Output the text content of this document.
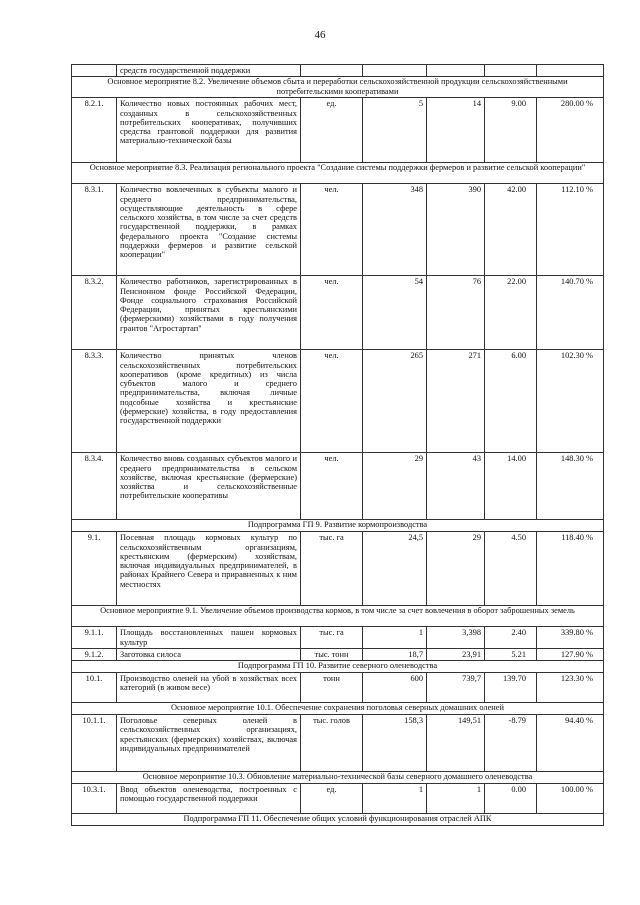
46
	средств государственной поддержки					
Основное мероприятие 8.2. Увеличение объемов сбыта и переработки сельскохозяйственной продукции сельскохозяйственными потребительскими кооперативами						
8.2.1.	Количество новых постоянных рабочих мест, созданных в сельскохозяйственных потребительских кооперативах, получивших средства грантовой поддержки для развития материально-технической базы	ед.	5	14	9.00	280.00 %
Основное мероприятие 8.3. Реализация регионального проекта "Создание системы поддержки фермеров и развитие сельской кооперации"						
8.3.1.	Количество вовлеченных в субъекты малого и среднего предпринимательства, осуществляющие деятельность в сфере сельского хозяйства, в том числе за счет средств государственной поддержки, в рамках федерального проекта "Создание системы поддержки фермеров и развитие сельской кооперации"	чел.	348	390	42.00	112.10 %
8.3.2.	Количество работников, зарегистрированных в Пенсионном фонде Российской Федерации, Фонде социального страхования Российской Федерации, принятых крестьянскими (фермерскими) хозяйствами в году получения грантов "Агростартап"	чел.	54	76	22.00	140.70 %
8.3.3.	Количество принятых членов сельскохозяйственных потребительских кооперативов (кроме кредитных) из числа субъектов малого и среднего предпринимательства, включая личные подсобные хозяйства и крестьянские (фермерские) хозяйства, в году предоставления государственной поддержки	чел.	265	271	6.00	102.30 %
8.3.4.	Количество вновь созданных субъектов малого и среднего предпринимательства в сельском хозяйстве, включая крестьянские (фермерские) хозяйства и сельскохозяйственные потребительские кооперативы	чел.	29	43	14.00	148.30 %
Подпрограмма ГП 9. Развитие кормопроизводства						
9.1.	Посевная площадь кормовых культур по сельскохозяйственным организациям, крестьянским (фермерским) хозяйствам, включая индивидуальных предпринимателей, в районах Крайнего Севера и приравненных к ним местностях	тыс. га	24,5	29	4.50	118.40 %
Основное мероприятие 9.1. Увеличение объемов производства кормов, в том числе за счет вовлечения в оборот заброшенных земель						
9.1.1.	Площадь восстановленных пашен кормовых культур	тыс. га	1	3,398	2.40	339.80 %
9.1.2.	Заготовка силоса	тыс. тонн	18,7	23,91	5.21	127.90 %
Подпрограмма ГП 10. Развитие северного оленеводства						
10.1.	Производство оленей на убой в хозяйствах всех категорий (в живом весе)	тонн	600	739,7	139.70	123.30 %
Основное мероприятие 10.1. Обеспечение сохранения поголовья северных домашних оленей						
10.1.1.	Поголовье северных оленей в сельскохозяйственных организациях, крестьянских (фермерских) хозяйствах, включая индивидуальных предпринимателей	тыс. голов	158,3	149,51	-8.79	94.40 %
Основное мероприятие 10.3. Обновление материально-технической базы северного домашнего оленеводства						
10.3.1.	Ввод объектов оленеводства, построенных с помощью государственной поддержки	ед.	1	1	0.00	100.00 %
Подпрограмма ГП 11. Обеспечение общих условий функционирования отраслей АПК						
